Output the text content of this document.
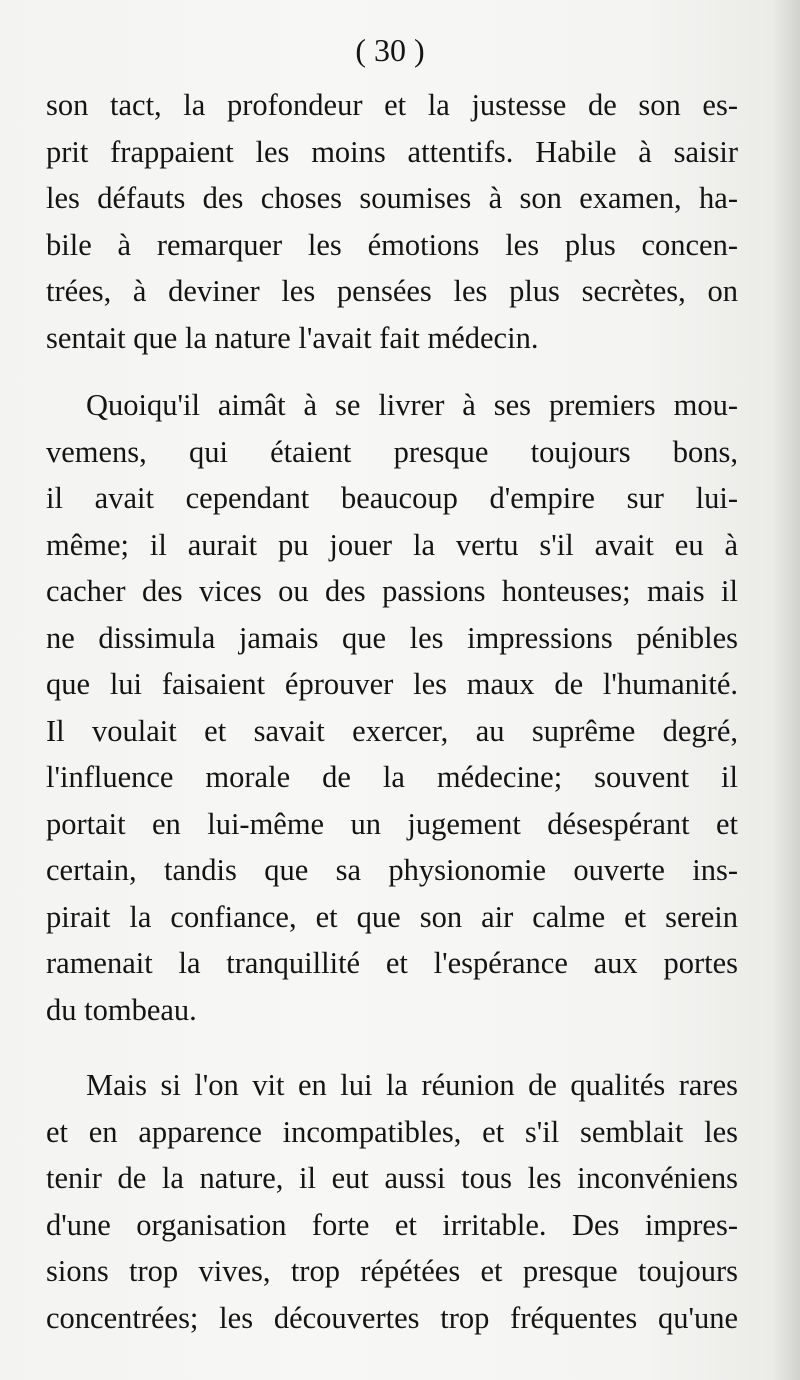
( 30 )
son tact, la profondeur et la justesse de son es-
prit frappaient les moins attentifs. Habile à saisir
les défauts des choses soumises à son examen, ha-
bile à remarquer les émotions les plus concen-
trées, à deviner les pensées les plus secrètes, on
sentait que la nature l'avait fait médecin.
Quoiqu'il aimât à se livrer à ses premiers mou-
vemens, qui étaient presque toujours bons,
il avait cependant beaucoup d'empire sur lui-
même; il aurait pu jouer la vertu s'il avait eu à
cacher des vices ou des passions honteuses; mais il
ne dissimula jamais que les impressions pénibles
que lui faisaient éprouver les maux de l'humanité.
Il voulait et savait exercer, au suprême degré,
l'influence morale de la médecine; souvent il
portait en lui-même un jugement désespérant et
certain, tandis que sa physionomie ouverte ins-
pirait la confiance, et que son air calme et serein
ramenait la tranquillité et l'espérance aux portes
du tombeau.
Mais si l'on vit en lui la réunion de qualités rares
et en apparence incompatibles, et s'il semblait les
tenir de la nature, il eut aussi tous les inconvéniens
d'une organisation forte et irritable. Des impres-
sions trop vives, trop répétées et presque toujours
concentrées; les découvertes trop fréquentes qu'une
